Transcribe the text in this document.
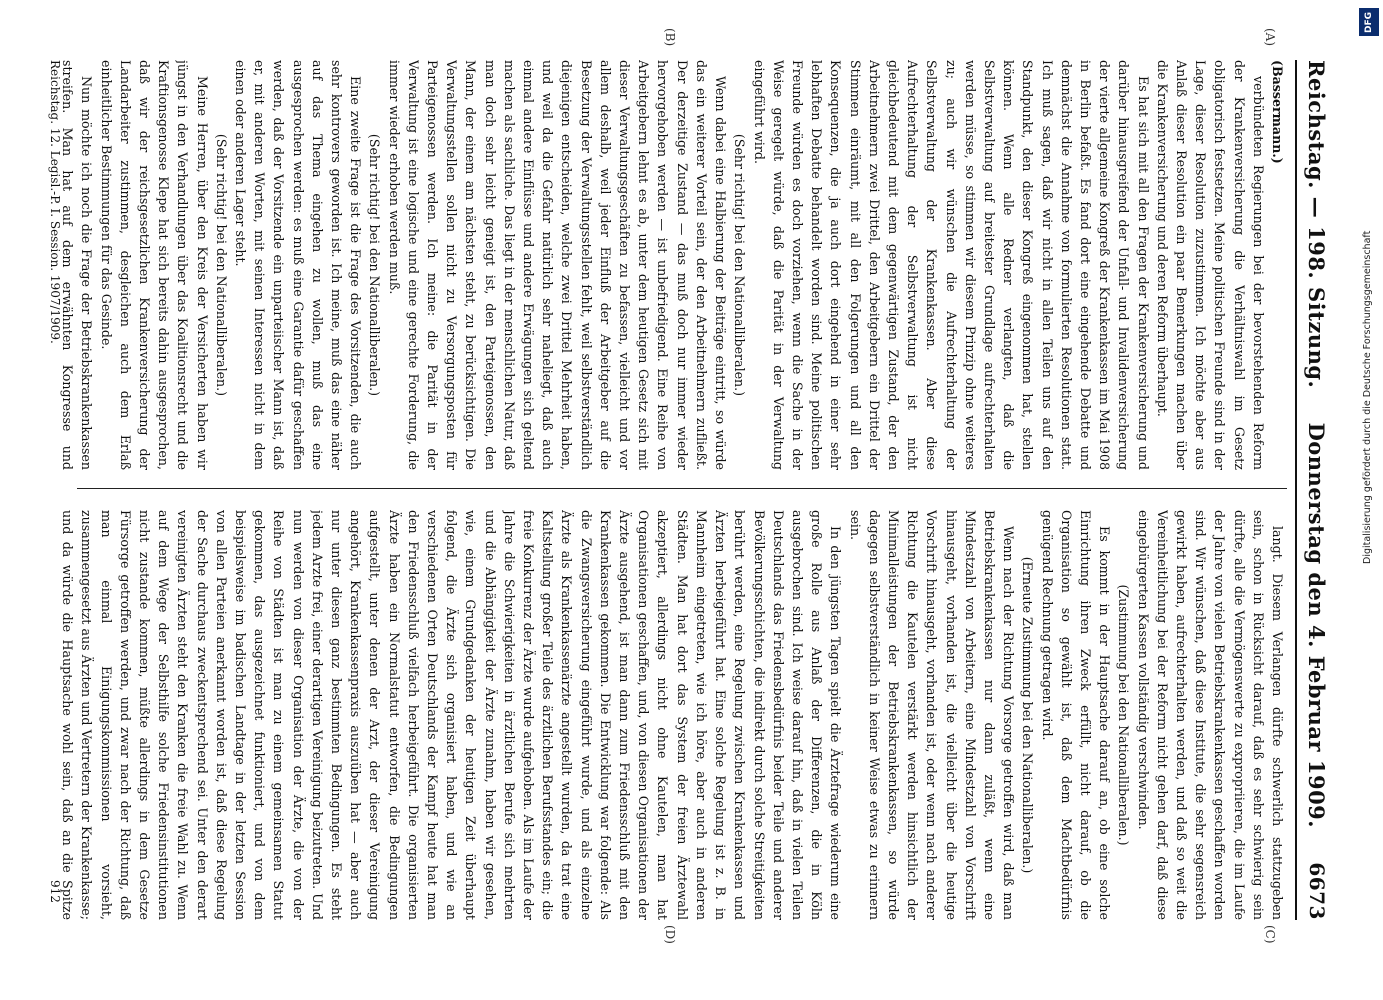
Reichstag. — 198. Sitzung.
Donnerstag den 4. Februar 1909.
6673
(A)
(B)
(C)
(D)

(Bassermann.)

verbündeten Regierungen bei der bevorstehenden Reform der Krankenversicherung die Verhältniswahl im Gesetz obligatorisch festsetzen. Meine politischen Freunde sind in der Lage, dieser Resolution zuzustimmen. Ich möchte aber aus Anlaß dieser Resolution ein paar Bemerkungen machen über die Krankenversicherung und deren Reform überhaupt.

Es hat sich mit all den Fragen der Krankenversicherung und darüber hinausgreifend der Unfall- und Invalidenversicherung der vierte allgemeine Kongreß der Krankenkassen im Mai 1908 in Berlin befaßt. Es fand dort eine eingehende Debatte und demnächst die Annahme von formulierten Resolutionen statt. Ich muß sagen, daß wir nicht in allen Teilen uns auf den Standpunkt, den dieser Kongreß eingenommen hat, stellen können. Wenn alle Redner verlangten, daß die Selbstverwaltung auf breitester Grundlage aufrechterhalten werden müsse, so stimmen wir diesem Prinzip ohne weiteres zu; auch wir wünschen die Aufrechterhaltung der Selbstverwaltung der Krankenkassen. Aber diese Aufrechterhaltung der Selbstverwaltung ist nicht gleichbedeutend mit dem gegenwärtigen Zustand, der den Arbeitnehmern zwei Drittel, den Arbeitgebern ein Drittel der Stimmen einräumt, mit all den Folgerungen und all den Konsequenzen, die ja auch dort eingehend in einer sehr lebhaften Debatte behandelt worden sind. Meine politischen Freunde würden es doch vorziehen, wenn die Sache in der Weise geregelt würde, daß die Parität in der Verwaltung eingeführt wird.

(Sehr richtig! bei den Nationalliberalen.)

Wenn dabei eine Halbierung der Beiträge eintritt, so würde das ein weiterer Vorteil sein, der den Arbeitnehmern zufließt. Der derzeitige Zustand — das muß doch nur immer wieder hervorgehoben werden — ist unbefriedigend. Eine Reihe von Arbeitgebern lehnt es ab, unter dem heutigen Gesetz sich mit dieser Verwaltungsgeschäften zu befassen, vielleicht und vor allem deshalb, weil jeder Einfluß der Arbeitgeber auf die Besetzung der Verwaltungsstellen fehlt, weil selbstverständlich diejenigen entscheiden, welche zwei Drittel Mehrheit haben, und weil da die Gefahr natürlich sehr naheliegt, daß auch einmal andere Einflüsse und andere Erwägungen sich geltend machen als sachliche. Das liegt in der menschlichen Natur, daß man doch sehr leicht geneigt ist, den Parteigenossen, den Mann, der einem am nächsten steht, zu berücksichtigen. Die Verwaltungsstellen sollen nicht zu Versorgungsposten für Parteigenossen werden. Ich meine: die Parität in der Verwaltung ist eine logische und eine gerechte Forderung, die immer wieder erhoben werden muß.

(Sehr richtig! bei den Nationalliberalen.)

Eine zweite Frage ist die Frage des Vorsitzenden, die auch sehr kontrovers geworden ist. Ich meine, muß das eine näher auf das Thema eingehen zu wollen, muß das eine ausgesprochen werden: es muß eine Garantie dafür geschaffen werden, daß der Vorsitzende ein unparteiischer Mann ist, daß er, mit anderen Worten, mit seinen Interessen nicht in dem einen oder anderen Lager steht.

(Sehr richtig! bei den Nationalliberalen.)

Meine Herren, über den Kreis der Versicherten haben wir jüngst in den Verhandlungen über das Koalitionsrecht und die Kraftionsgenosse Klepe hat sich bereits dahin ausgesprochen, daß wir der reichsgesetzlichen Krankenversicherung der Landarbeiter zustimmen, desgleichen auch dem Erlaß einheitlicher Bestimmungen für das Gesinde.

Nun möchte ich noch die Frage der Betriebskrankenkassen streifen. Man hat auf dem erwähnten Kongresse und

langt. Diesem Verlangen dürfte schwerlich stattzugeben sein, schon in Rücksicht darauf, daß es sehr schwierig sein dürfte, alle die Vermögenswerte zu expropriieren, die im Laufe der Jahre von vielen Betriebskrankenkassen geschaffen worden sind. Wir wünschen, daß diese Institute, die sehr segensreich gewirkt haben, aufrechterhalten werden, und daß so weit die Vereinheitlichung bei der Reform nicht gehen darf, daß diese eingebürgerten Kassen vollständig verschwinden.

(Zustimmung bei den Nationalliberalen.)

Es kommt in der Hauptsache darauf an, ob eine solche Einrichtung ihren Zweck erfüllt, nicht darauf, ob die Organisation so gewählt ist, daß dem Machtbedürfnis genügend Rechnung getragen wird.

(Erneute Zustimmung bei den Nationalliberalen.)

Wenn nach der Richtung Vorsorge getroffen wird, daß man Betriebskrankenkassen nur dann zuläßt, wenn eine Mindestzahl von Arbeitern, eine Mindestzahl von Vorschrift hinausgeht, vorhanden ist, die vielleicht über die heutige Vorschrift hinausgeht, vorhanden ist, oder wenn nach anderer Richtung die Kautelen verstärkt werden hinsichtlich der Minimalleistungen der Betriebskrankenkassen, so würde dagegen selbstverständlich in keiner Weise etwas zu erinnern sein.

In den jüngsten Tagen spielt die Ärztefrage wiederum eine große Rolle aus Anlaß der Differenzen, die in Köln ausgebrochen sind. Ich weise darauf hin, daß in vielen Teilen Deutschlands das Friedensbedürfnis beider Teile und anderer Bevölkerungsschichten, die indirekt durch solche Streitigkeiten berührt werden, eine Regelung zwischen Krankenkassen und Ärzten herbeigeführt hat. Eine solche Regelung ist z. B. in Mannheim eingetreten, wie ich höre, aber auch in anderen Städten. Man hat dort das System der freien Ärztewahl akzeptiert, allerdings nicht ohne Kautelen, man hat Organisationen geschaffen, und, von diesen Organisationen der Ärzte ausgehend, ist man dann zum Friedensschluß mit den Krankenkassen gekommen. Die Entwicklung war folgende: Als die Zwangsversicherung eingeführt wurde, und als einzelne Ärzte als Krankenkassenärzte angestellt wurden, da trat eine Kaltstellung großer Teile des ärztlichen Berufsstandes ein; die freie Konkurrenz der Ärzte wurde aufgehoben. Als im Laufe der Jahre die Schwierigkeiten in ärztlichen Berufe sich mehrten und die Abhängigkeit der Ärzte zunahm, haben wir gesehen, wie, einem Grundgedanken der heutigen Zeit überhaupt folgend, die Ärzte sich organisiert haben, und wie an verschiedenen Orten Deutschlands der Kampf heute hat man den Friedensschluß vielfach herbeigeführt. Die organisierten Ärzte haben ein Normalstatut entworfen, die Bedingungen aufgestellt, unter denen der Arzt, der dieser Vereinigung angehört, Krankenkassenpraxis auszuüben hat — aber auch nur unter diesen ganz bestimmten Bedingungen. Es steht jedem Arzte frei, einer derartigen Vereinigung beizutreten. Und nun werden von dieser Organisation der Ärzte, die von der Reihe von Städten ist man zu einem gemeinsamen Statut gekommen, das ausgezeichnet funktioniert, und von dem beispielsweise im badischen Landtage in der letzten Session von allen Parteien anerkannt worden ist, daß diese Regelung der Sache durchaus zweckentsprechend sei. Unter den derart vereinigten Ärzten steht den Kranken die freie Wahl zu. Wenn auf dem Wege der Selbsthilfe solche Friedensinstitutionen nicht zustande kommen, müßte allerdings in dem Gesetze Fürsorge getroffen werden, und zwar nach der Richtung, daß man einmal Einigungskommissionen vorsieht, zusammengesetzt aus Ärzten und Vertretern der Krankenkasse; und da würde die Hauptsache wohl sein, daß an die Spitze

Reichstag. 12. Legisl.-P. I. Session. 1907/1909.
912
DFG
Digitalisierung gefördert durch die Deutsche Forschungsgemeinschaft
